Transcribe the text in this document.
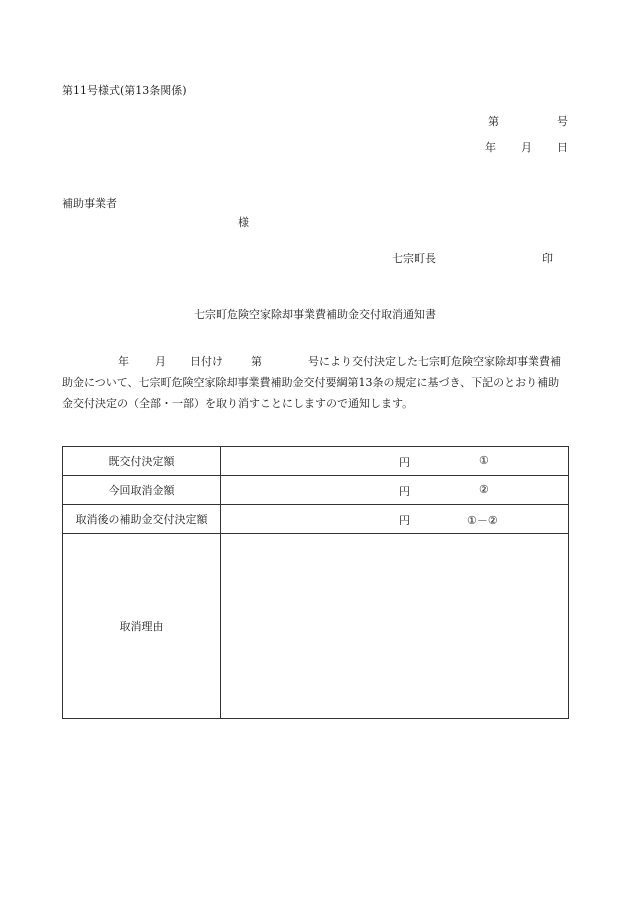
第11号様式(第13条関係)
第	号
年 月 日
補助事業者
様
七宗町長	印
七宗町危険空家除却事業費補助金交付取消通知書
年 月 日付け	第	号により交付決定した七宗町危険空家除却事業費補助金について、七宗町危険空家除却事業費補助金交付要綱第13条の規定に基づき、下記のとおり補助金交付決定の（全部・一部）を取り消すことにしますので通知します。
既交付決定額	円 ①

今回取消金額	円 ②

取消後の補助金交付決定額	円 ①－②

取消理由	
